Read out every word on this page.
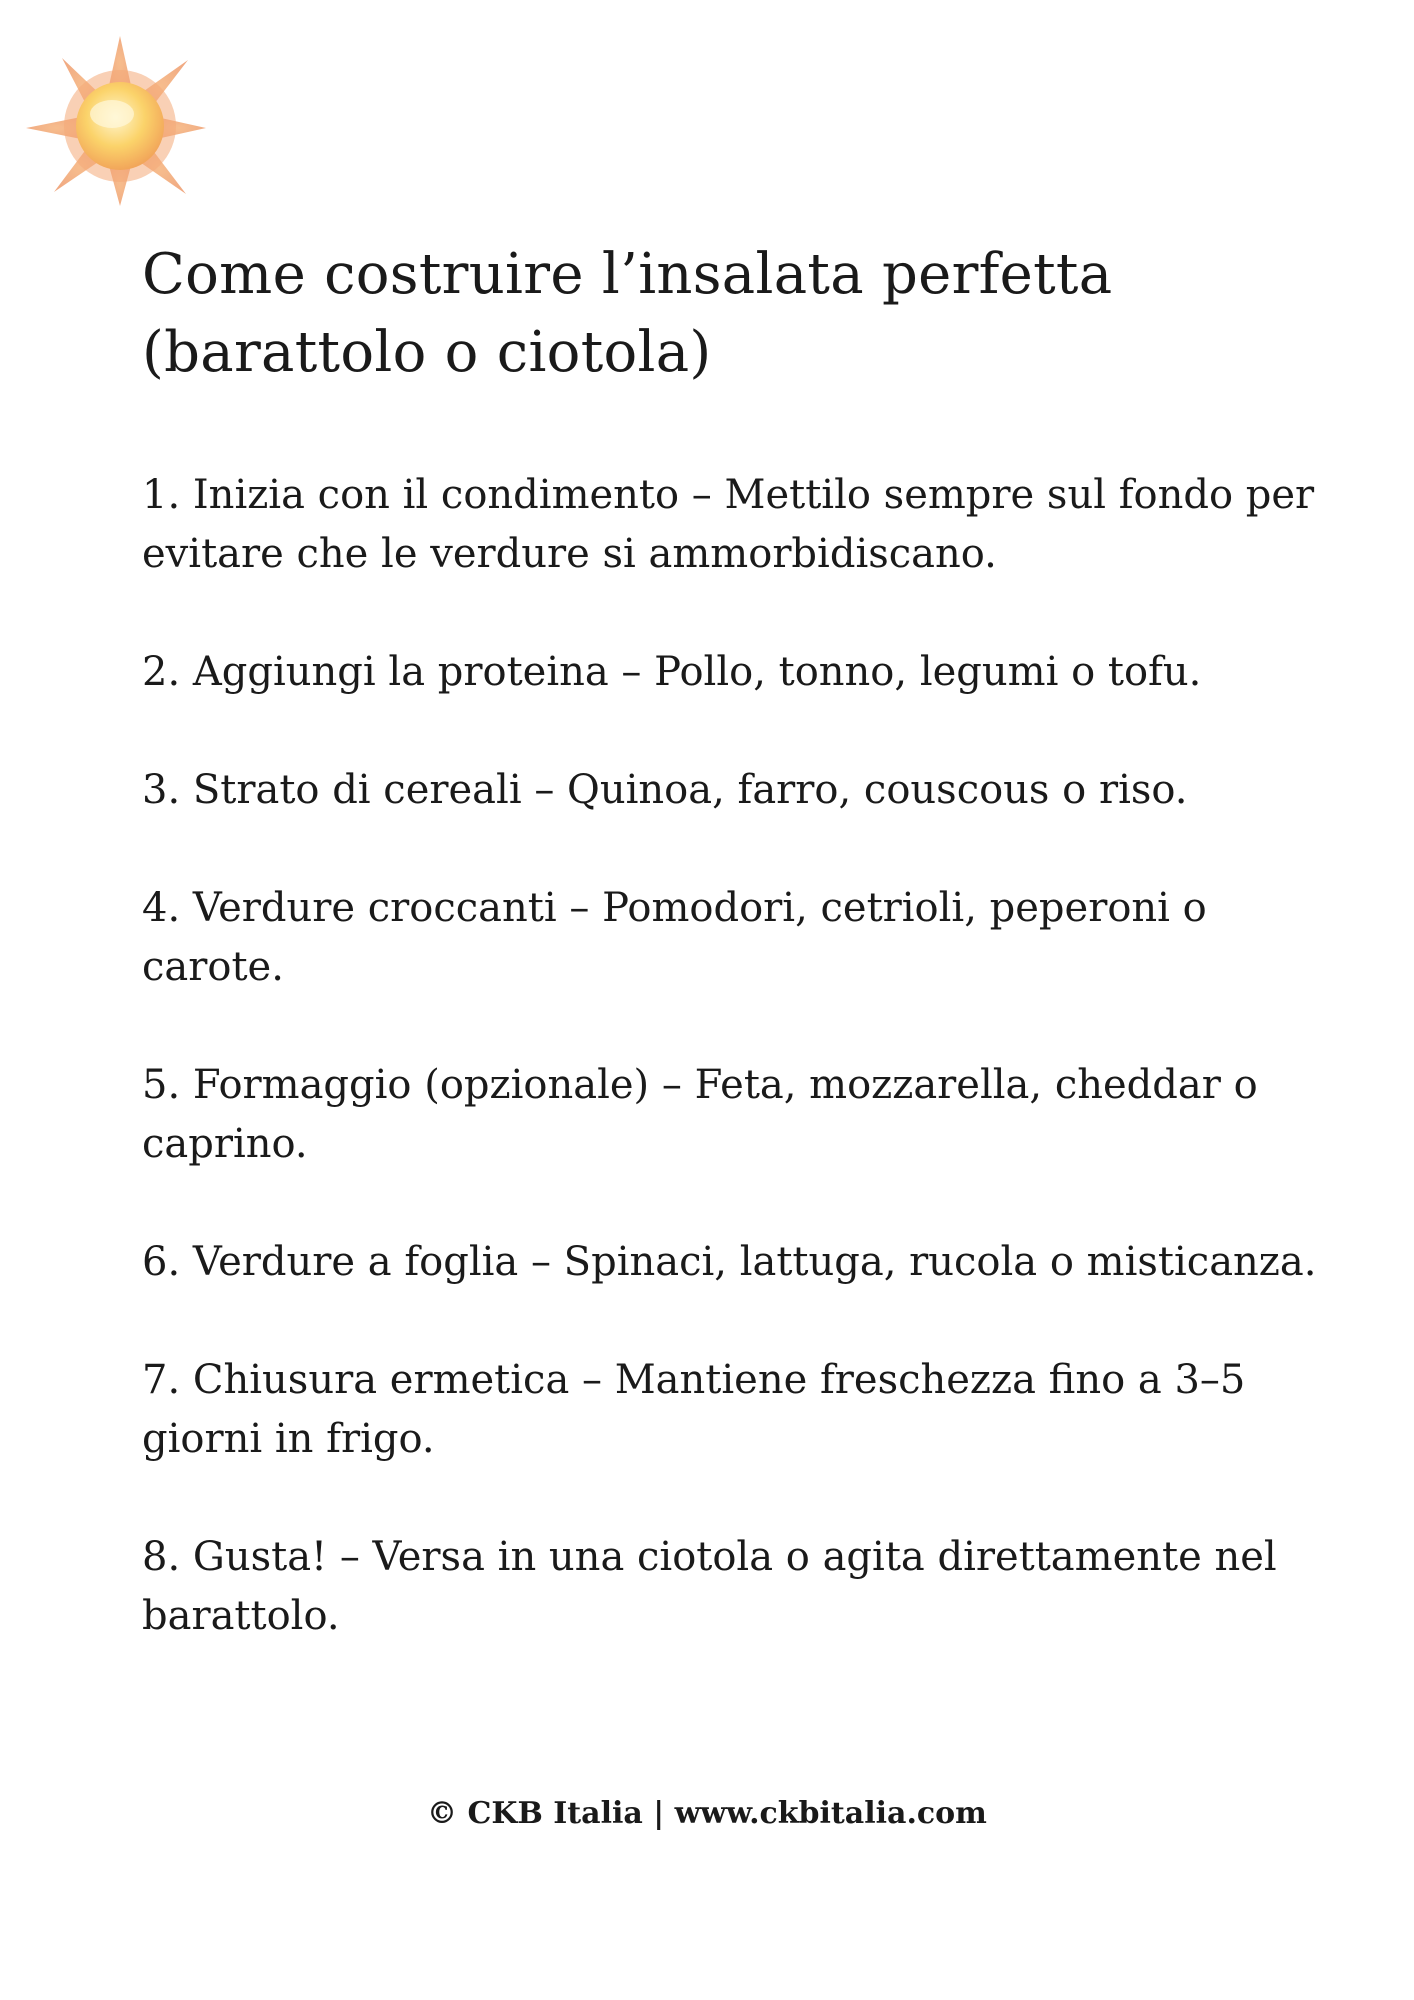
Come costruire l’insalata perfetta (barattolo o ciotola)
1. Inizia con il condimento – Mettilo sempre sul fondo per evitare che le verdure si ammorbidiscano.
2. Aggiungi la proteina – Pollo, tonno, legumi o tofu.
3. Strato di cereali – Quinoa, farro, couscous o riso.
4. Verdure croccanti – Pomodori, cetrioli, peperoni o carote.
5. Formaggio (opzionale) – Feta, mozzarella, cheddar o caprino.
6. Verdure a foglia – Spinaci, lattuga, rucola o misticanza.
7. Chiusura ermetica – Mantiene freschezza fino a 3–5 giorni in frigo.
8. Gusta! – Versa in una ciotola o agita direttamente nel barattolo.
© CKB Italia | www.ckbitalia.com
